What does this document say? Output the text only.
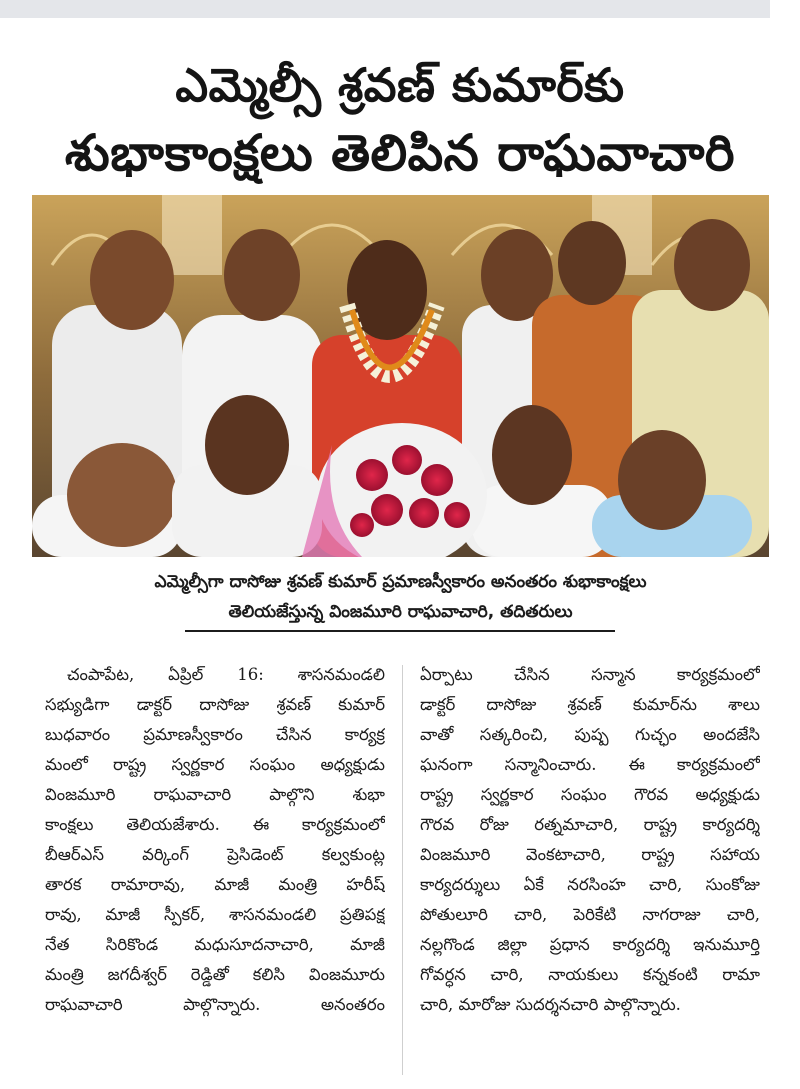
ఎమ్మెల్సీ శ్రవణ్ కుమార్‌కు
శుభాకాంక్షలు తెలిపిన రాఘవాచారి
ఎమ్మెల్సీగా దాసోజు శ్రవణ్ కుమార్ ప్రమాణస్వీకారం అనంతరం శుభాకాంక్షలు
తెలియజేస్తున్న వింజమూరి రాఘవాచారి, తదితరులు
చంపాపేట, ఏప్రిల్ 16: శాసనమండలి
సభ్యుడిగా డాక్టర్ దాసోజు శ్రవణ్ కుమార్
బుధవారం ప్రమాణస్వీకారం చేసిన కార్యక్ర
మంలో రాష్ట్ర స్వర్ణకార సంఘం అధ్యక్షుడు
వింజమూరి రాఘవాచారి పాల్గొని శుభా
కాంక్షలు తెలియజేశారు. ఈ కార్యక్రమంలో
బీఆర్ఎస్ వర్కింగ్ ప్రెసిడెంట్ కల్వకుంట్ల
తారక రామారావు, మాజీ మంత్రి హరీష్
రావు, మాజీ స్పీకర్, శాసనమండలి ప్రతిపక్ష
నేత సిరికొండ మధుసూదనాచారి, మాజీ
మంత్రి జగదీశ్వర్ రెడ్డితో కలిసి వింజమూరు
రాఘవాచారి పాల్గొన్నారు. అనంతరం
ఏర్పాటు చేసిన సన్మాన కార్యక్రమంలో
డాక్టర్ దాసోజు శ్రవణ్ కుమార్‌ను శాలు
వాతో సత్కరించి, పుష్ప గుచ్ఛం అందజేసి
ఘనంగా సన్మానించారు. ఈ కార్యక్రమంలో
రాష్ట్ర స్వర్ణకార సంఘం గౌరవ అధ్యక్షుడు
గౌరవ రోజు రత్నమాచారి, రాష్ట్ర కార్యదర్శి
వింజమూరి వెంకటాచారి, రాష్ట్ర సహాయ
కార్యదర్శులు ఏకే నరసింహ చారి, సుంకోజు
పోతులూరి చారి, పెరికేటి నాగరాజు చారి,
నల్లగొండ జిల్లా ప్రధాన కార్యదర్శి ఇనుమూర్తి
గోవర్ధన చారి, నాయకులు కన్నకంటి రామా
చారి, మారోజు సుదర్శనచారి పాల్గొన్నారు.
